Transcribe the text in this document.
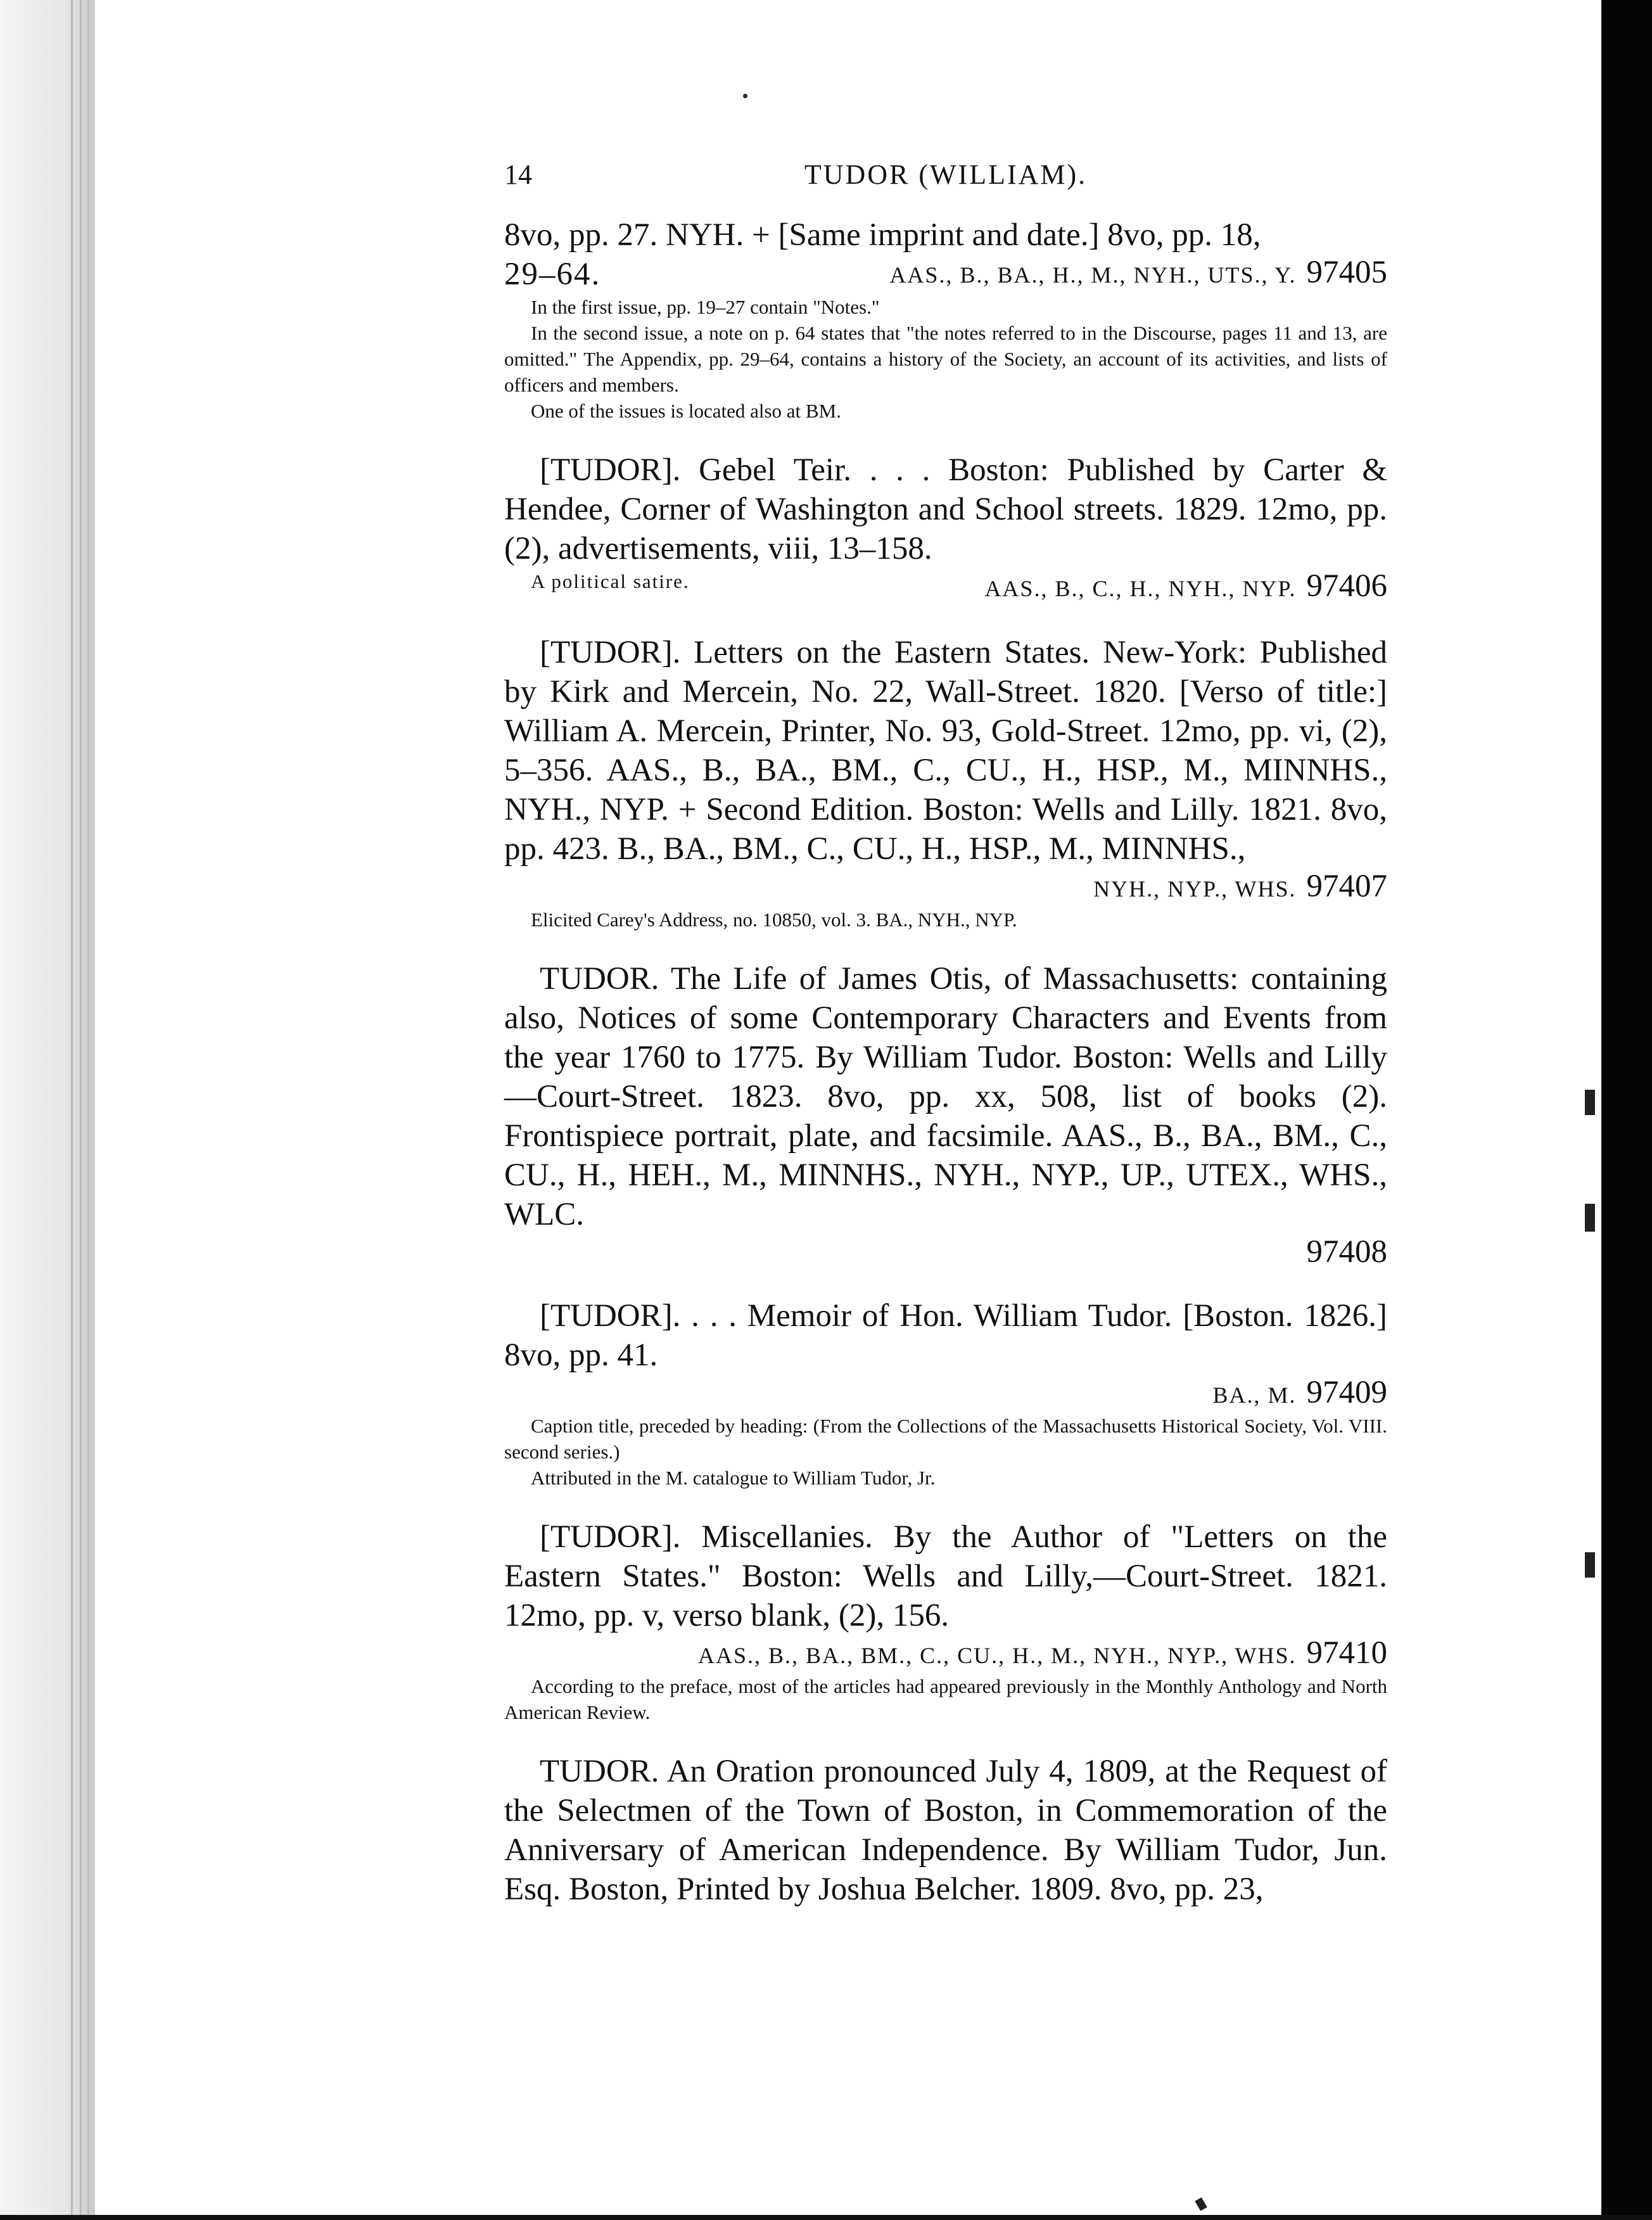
14	TUDOR (WILLIAM).

8vo, pp. 27. NYH. + [Same imprint and date.] 8vo, pp. 18,

29–64.	AAS., B., BA., H., M., NYH., UTS., Y. 97405

In the first issue, pp. 19–27 contain "Notes."

In the second issue, a note on p. 64 states that "the notes referred to in the Discourse, pages 11 and 13, are omitted." The Appendix, pp. 29–64, contains a history of the Society, an account of its activities, and lists of officers and members.

One of the issues is located also at BM.

[TUDOR]. Gebel Teir. . . . Boston: Published by Carter & Hendee, Corner of Washington and School streets. 1829. 12mo, pp. (2), advertisements, viii, 13–158.

A political satire.	AAS., B., C., H., NYH., NYP. 97406

[TUDOR]. Letters on the Eastern States. New-York: Published by Kirk and Mercein, No. 22, Wall-Street. 1820. [Verso of title:] William A. Mercein, Printer, No. 93, Gold-Street. 12mo, pp. vi, (2), 5–356. AAS., B., BA., BM., C., CU., H., HSP., M., MINNHS., NYH., NYP. + Second Edition. Boston: Wells and Lilly. 1821. 8vo, pp. 423. B., BA., BM., C., CU., H., HSP., M., MINNHS.,

NYH., NYP., WHS. 97407

Elicited Carey's Address, no. 10850, vol. 3. BA., NYH., NYP.

TUDOR. The Life of James Otis, of Massachusetts: containing also, Notices of some Contemporary Characters and Events from the year 1760 to 1775. By William Tudor. Boston: Wells and Lilly—Court-Street. 1823. 8vo, pp. xx, 508, list of books (2). Frontispiece portrait, plate, and facsimile. AAS., B., BA., BM., C., CU., H., HEH., M., MINNHS., NYH., NYP., UP., UTEX., WHS., WLC.

97408

[TUDOR]. . . . Memoir of Hon. William Tudor. [Boston. 1826.] 8vo, pp. 41.

BA., M. 97409

Caption title, preceded by heading: (From the Collections of the Massachusetts Historical Society, Vol. VIII. second series.)

Attributed in the M. catalogue to William Tudor, Jr.

[TUDOR]. Miscellanies. By the Author of "Letters on the Eastern States." Boston: Wells and Lilly,—Court-Street. 1821. 12mo, pp. v, verso blank, (2), 156.

AAS., B., BA., BM., C., CU., H., M., NYH., NYP., WHS. 97410

According to the preface, most of the articles had appeared previously in the Monthly Anthology and North American Review.

TUDOR. An Oration pronounced July 4, 1809, at the Request of the Selectmen of the Town of Boston, in Commemoration of the Anniversary of American Independence. By William Tudor, Jun. Esq. Boston, Printed by Joshua Belcher. 1809. 8vo, pp. 23,
